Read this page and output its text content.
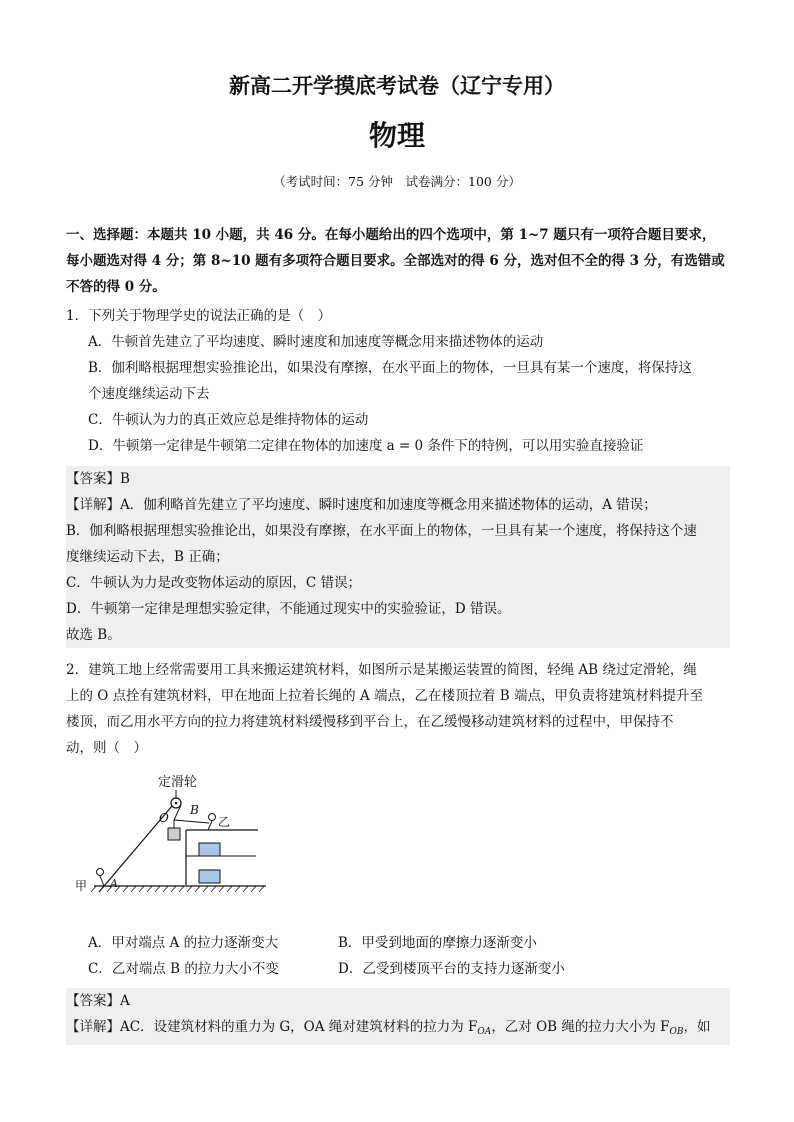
新高二开学摸底考试卷（辽宁专用）
物理
（考试时间：75 分钟　试卷满分：100 分）
一、选择题：本题共 10 小题，共 46 分。在每小题给出的四个选项中，第 1~7 题只有一项符合题目要求，
每小题选对得 4 分；第 8~10 题有多项符合题目要求。全部选对的得 6 分，选对但不全的得 3 分，有选错或
不答的得 0 分。
1．下列关于物理学史的说法正确的是（　）
A．牛顿首先建立了平均速度、瞬时速度和加速度等概念用来描述物体的运动
B．伽利略根据理想实验推论出，如果没有摩擦，在水平面上的物体，一旦具有某一个速度，将保持这
个速度继续运动下去
C．牛顿认为力的真正效应总是维持物体的运动
D．牛顿第一定律是牛顿第二定律在物体的加速度 a = 0 条件下的特例，可以用实验直接验证
【答案】B
【详解】A．伽利略首先建立了平均速度、瞬时速度和加速度等概念用来描述物体的运动，A 错误；
B．伽利略根据理想实验推论出，如果没有摩擦，在水平面上的物体，一旦具有某一个速度，将保持这个速
度继续运动下去，B 正确；
C．牛顿认为力是改变物体运动的原因，C 错误；
D．牛顿第一定律是理想实验定律，不能通过现实中的实验验证，D 错误。
故选 B。
2．建筑工地上经常需要用工具来搬运建筑材料，如图所示是某搬运装置的简图，轻绳 AB 绕过定滑轮，绳
上的 O 点拴有建筑材料，甲在地面上拉着长绳的 A 端点，乙在楼顶拉着 B 端点，甲负责将建筑材料提升至
楼顶，而乙用水平方向的拉力将建筑材料缓慢移到平台上，在乙缓慢移动建筑材料的过程中，甲保持不
动，则（　）
定滑轮
O
B
乙
甲 A
A．甲对端点 A 的拉力逐渐变大	B．甲受到地面的摩擦力逐渐变小
C．乙对端点 B 的拉力大小不变	D．乙受到楼顶平台的支持力逐渐变小
【答案】A
【详解】AC．设建筑材料的重力为 G，OA 绳对建筑材料的拉力为 $F_{OA}$，乙对 OB 绳的拉力大小为 $F_{OB}$，如
